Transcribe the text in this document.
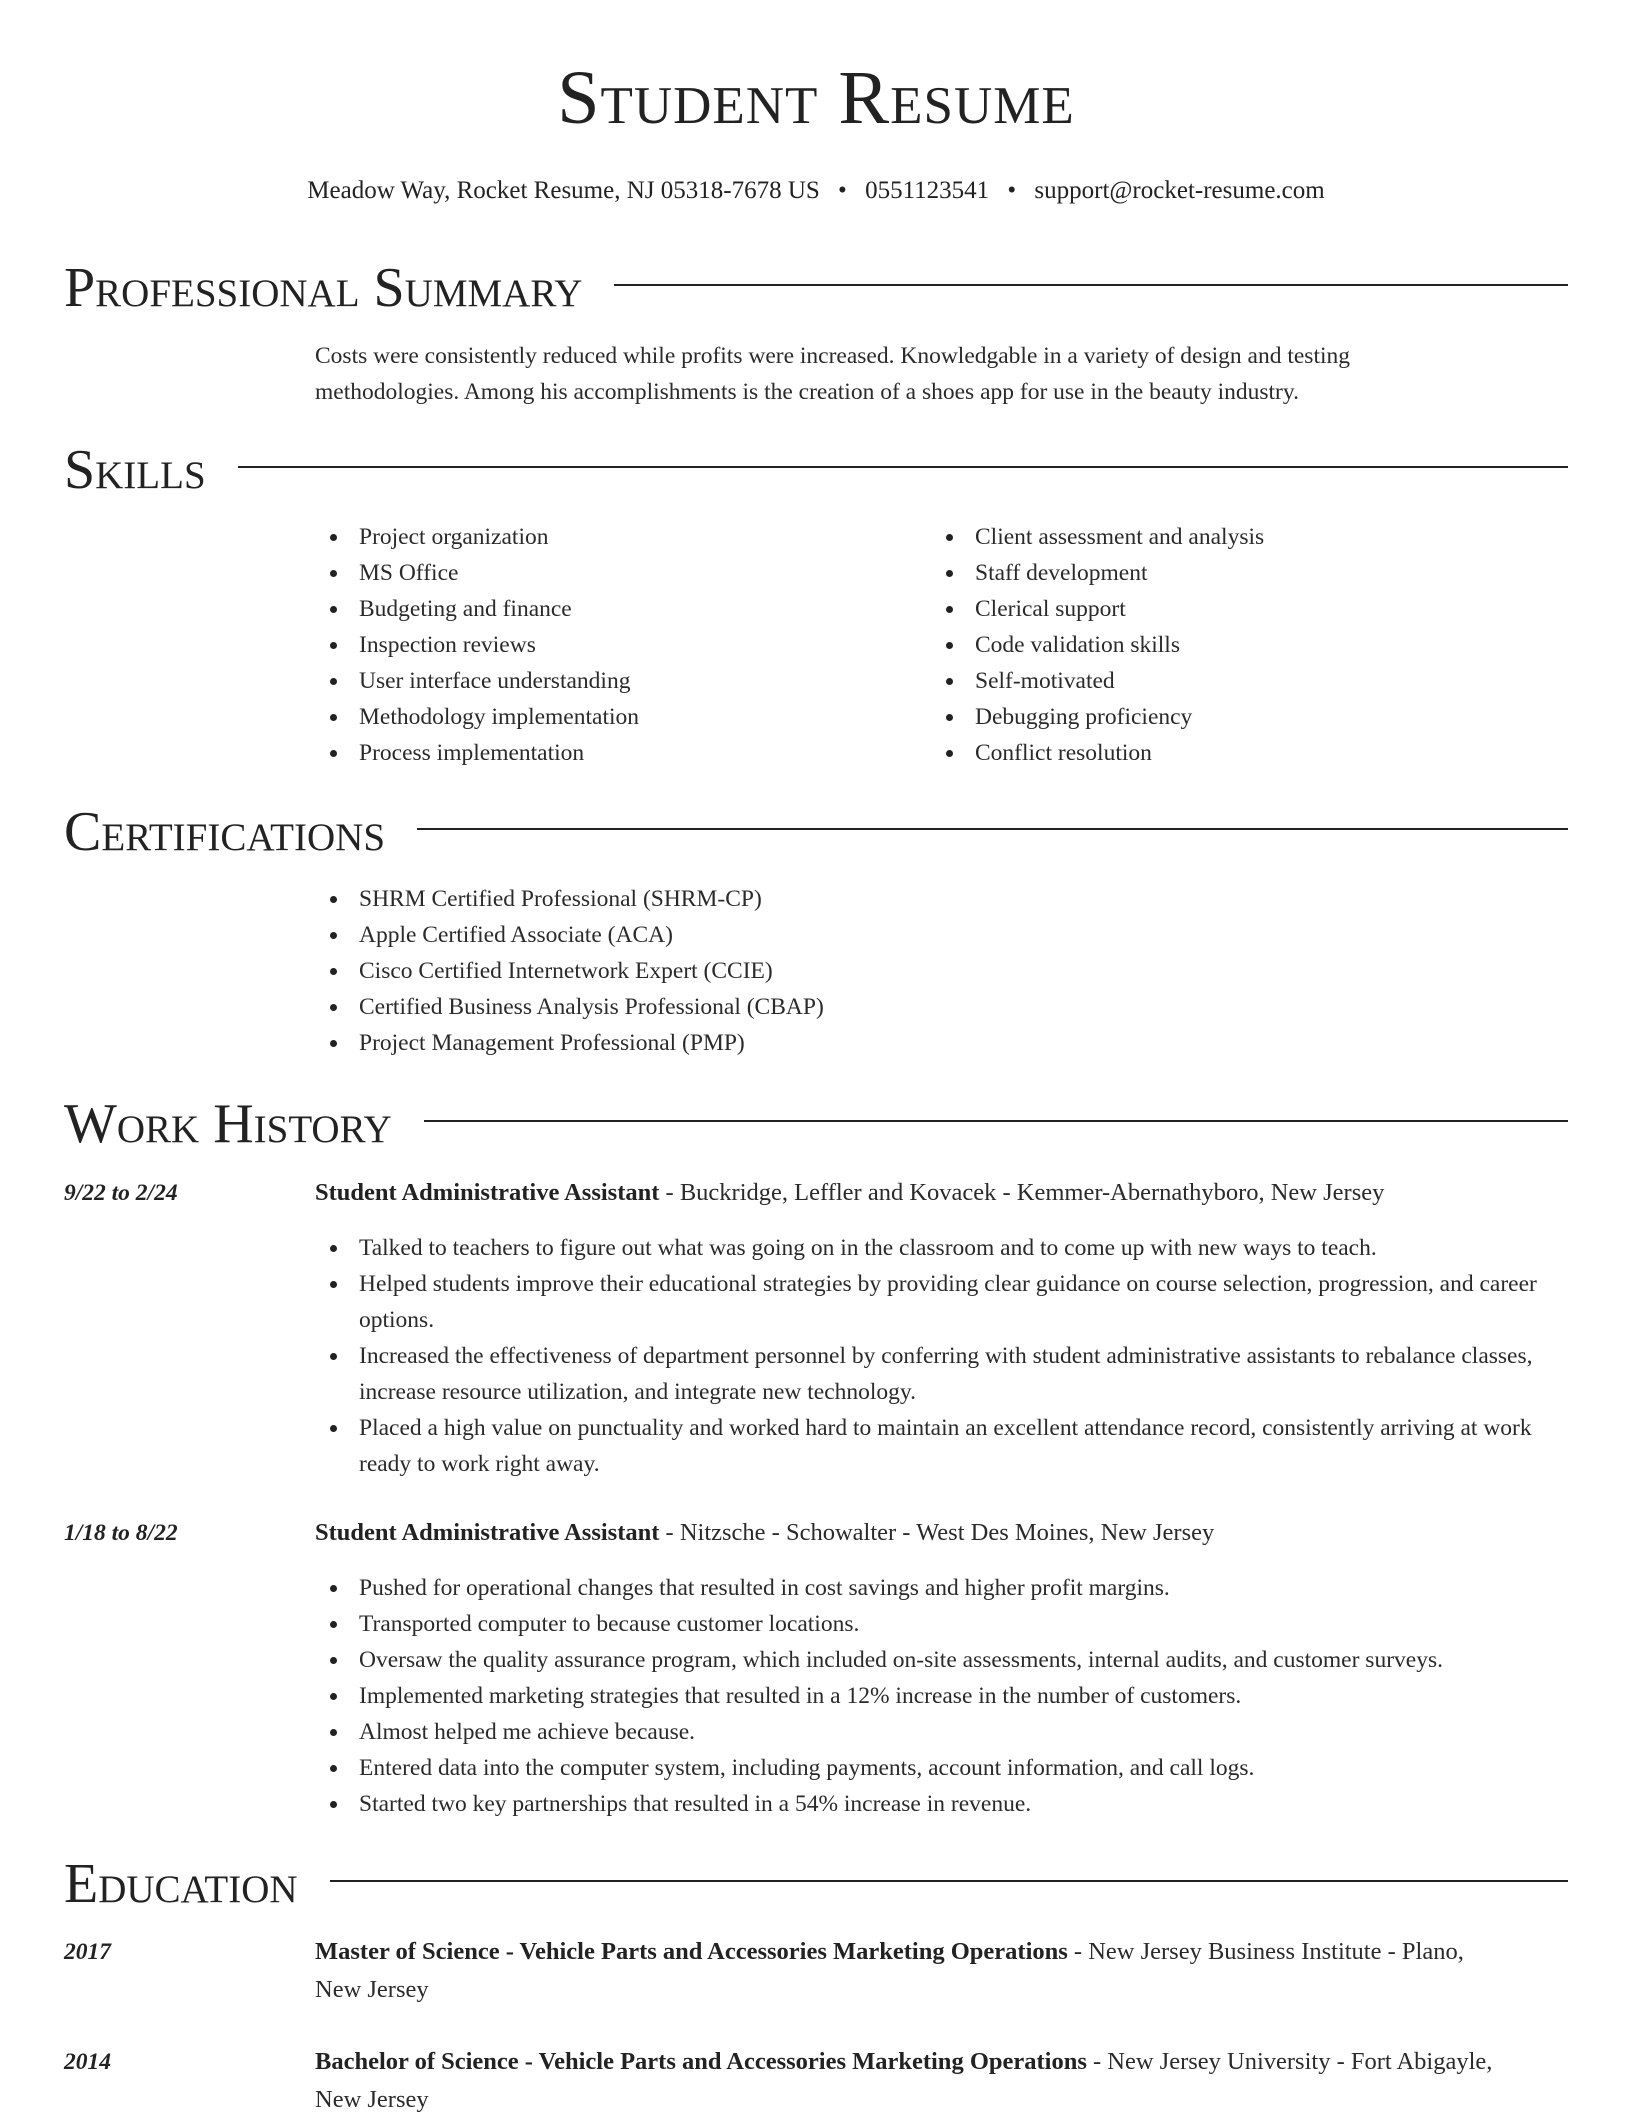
Student Resume
Meadow Way, Rocket Resume, NJ 05318-7678 US • 0551123541 • support@rocket-resume.com
Professional Summary
Costs were consistently reduced while profits were increased. Knowledgable in a variety of design and testing methodologies. Among his accomplishments is the creation of a shoes app for use in the beauty industry.
Skills
Project organization
MS Office
Budgeting and finance
Inspection reviews
User interface understanding
Methodology implementation
Process implementation
Client assessment and analysis
Staff development
Clerical support
Code validation skills
Self-motivated
Debugging proficiency
Conflict resolution
Certifications
SHRM Certified Professional (SHRM-CP)
Apple Certified Associate (ACA)
Cisco Certified Internetwork Expert (CCIE)
Certified Business Analysis Professional (CBAP)
Project Management Professional (PMP)
Work History
9/22 to 2/24	Student Administrative Assistant - Buckridge, Leffler and Kovacek - Kemmer-Abernathyboro, New Jersey
Talked to teachers to figure out what was going on in the classroom and to come up with new ways to teach.
Helped students improve their educational strategies by providing clear guidance on course selection, progression, and career options.
Increased the effectiveness of department personnel by conferring with student administrative assistants to rebalance classes, increase resource utilization, and integrate new technology.
Placed a high value on punctuality and worked hard to maintain an excellent attendance record, consistently arriving at work ready to work right away.
1/18 to 8/22	Student Administrative Assistant - Nitzsche - Schowalter - West Des Moines, New Jersey
Pushed for operational changes that resulted in cost savings and higher profit margins.
Transported computer to because customer locations.
Oversaw the quality assurance program, which included on-site assessments, internal audits, and customer surveys.
Implemented marketing strategies that resulted in a 12% increase in the number of customers.
Almost helped me achieve because.
Entered data into the computer system, including payments, account information, and call logs.
Started two key partnerships that resulted in a 54% increase in revenue.
Education
2017	Master of Science - Vehicle Parts and Accessories Marketing Operations - New Jersey Business Institute - Plano, New Jersey
2014	Bachelor of Science - Vehicle Parts and Accessories Marketing Operations - New Jersey University - Fort Abigayle, New Jersey
